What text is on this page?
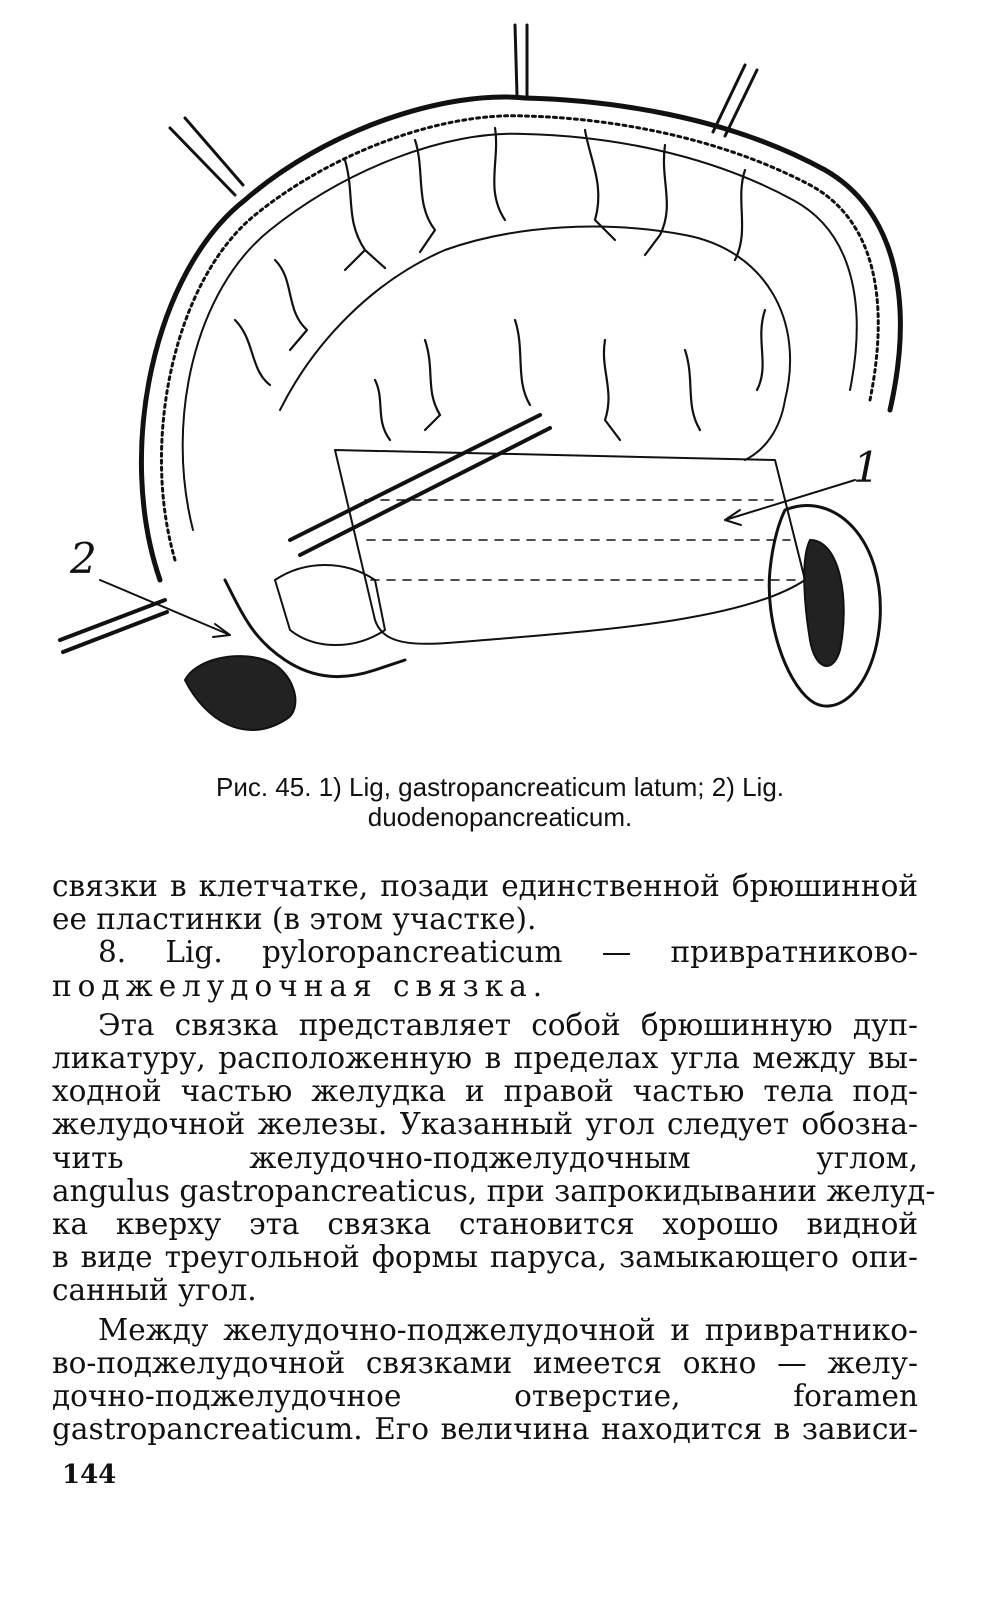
1
2
Рис. 45. 1) Lig, gastropancreaticum latum; 2) Lig.
duodenopancreaticum.
связки в клетчатке, позади единственной брюшинной
ее пластинки (в этом участке).
8. Lig. pyloropancreaticum — привратниково-
поджелудочная связка.
Эта связка представляет собой брюшинную дуп-
ликатуру, расположенную в пределах угла между вы-
ходной частью желудка и правой частью тела под-
желудочной железы. Указанный угол следует обозна-
чить желудочно-поджелудочным углом,
angulus gastropancreaticus, при запрокидывании желуд-
ка кверху эта связка становится хорошо видной
в виде треугольной формы паруса, замыкающего опи-
санный угол.
Между желудочно-поджелудочной и привратнико-
во-поджелудочной связками имеется окно — желу-
дочно-поджелудочное отверстие, foramen
gastropancreaticum. Его величина находится в зависи-
144
